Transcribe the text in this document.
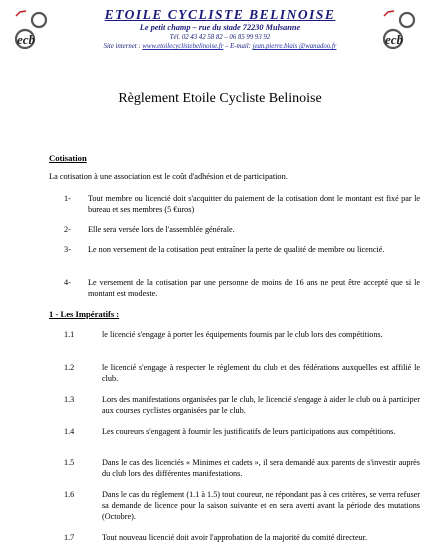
ecb	ecb
ETOILE CYCLISTE BELINOISE
Le petit champ – rue du stade 72230 Mulsanne
Tél. 02 43 42 58 82 – 06 85 99 93 92
Site internet : www.etoilecyclistebelinoise.fr – E-mail: jean.pierre.blais @wanadoo.fr
Règlement Etoile Cycliste Belinoise
Cotisation
La cotisation à une association est le coût d'adhésion et de participation.
1- Tout membre ou licencié doit s'acquitter du paiement de la cotisation dont le montant est fixé par le bureau et ses membres (5 €uros)
2- Elle sera versée lors de l'assemblée générale.
3- Le non versement de la cotisation peut entraîner la perte de qualité de membre ou licencié.
4- Le versement de la cotisation par une personne de moins de 16 ans ne peut être accepté que si le montant est modeste.
1 - Les Impératifs :
1.1	le licencié s'engage à porter les équipements fournis par le club lors des compétitions.
1.2	le licencié s'engage à respecter le règlement du club et des fédérations auxquelles est affilié le club.
1.3	Lors des manifestations organisées par le club, le licencié s'engage à aider le club ou à participer aux courses cyclistes organisées par le club.
1.4	Les coureurs s'engagent à fournir les justificatifs de leurs participations aux compétitions.
1.5	Dans le cas des licenciés « Minimes et cadets », il sera demandé aux parents de s'investir auprès du club lors des différentes manifestations.
1.6	Dans le cas du règlement (1.1 à 1.5) tout coureur, ne répondant pas à ces critères, se verra refuser sa demande de licence pour la saison suivante et en sera averti avant la période des mutations (Octobre).
1.7	Tout nouveau licencié doit avoir l'approbation de la majorité du comité directeur.
